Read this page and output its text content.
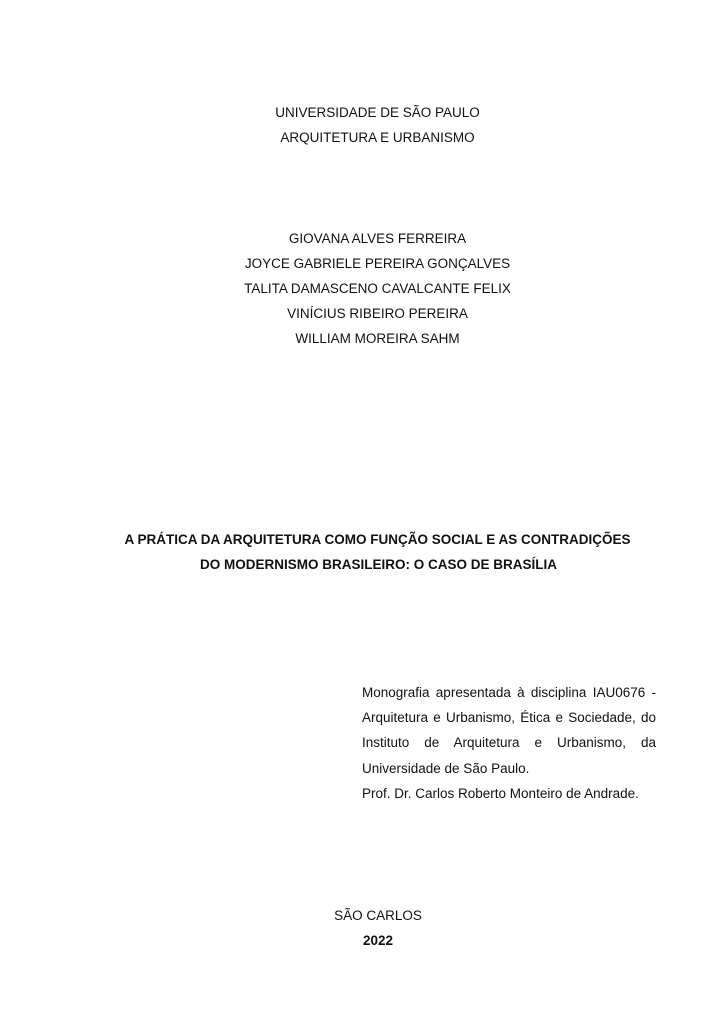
UNIVERSIDADE DE SÃO PAULO
ARQUITETURA E URBANISMO
GIOVANA ALVES FERREIRA
JOYCE GABRIELE PEREIRA GONÇALVES
TALITA DAMASCENO CAVALCANTE FELIX
VINÍCIUS RIBEIRO PEREIRA
WILLIAM MOREIRA SAHM
A PRÁTICA DA ARQUITETURA COMO FUNÇÃO SOCIAL E AS CONTRADIÇÕES
DO MODERNISMO BRASILEIRO: O CASO DE BRASÍLIA

Monografia apresentada à disciplina IAU0676 - Arquitetura e Urbanismo, Ética e Sociedade, do Instituto de Arquitetura e Urbanismo, da Universidade de São Paulo.

Prof. Dr. Carlos Roberto Monteiro de Andrade.

SÃO CARLOS
2022
